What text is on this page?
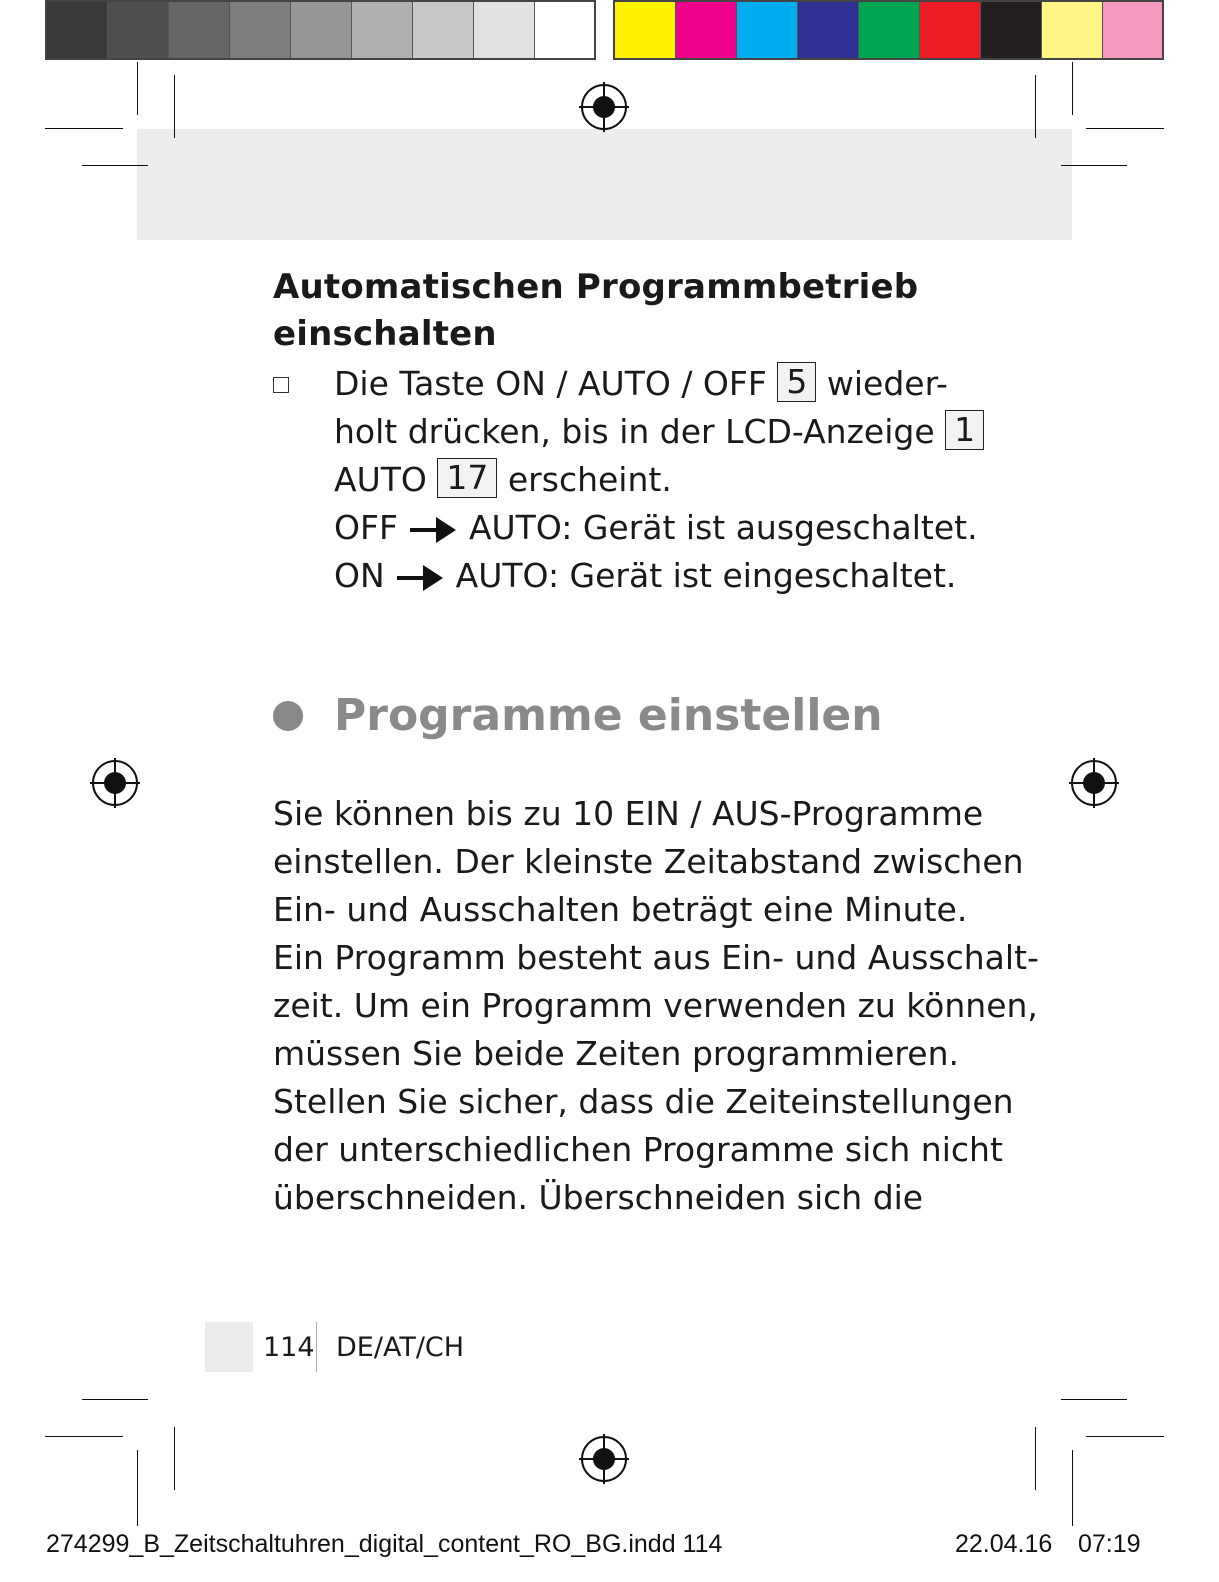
Automatischen Programmbetrieb
einschalten

Die Taste ON / AUTO / OFF 5 wieder-

holt drücken, bis in der LCD-Anzeige 1

AUTO 17 erscheint.

OFF AUTO: Gerät ist ausgeschaltet.

ON AUTO: Gerät ist eingeschaltet.

Programme einstellen

Sie können bis zu 10 EIN / AUS-Programme

einstellen. Der kleinste Zeitabstand zwischen

Ein- und Ausschalten beträgt eine Minute.

Ein Programm besteht aus Ein- und Ausschalt-

zeit. Um ein Programm verwenden zu können,

müssen Sie beide Zeiten programmieren.

Stellen Sie sicher, dass die Zeiteinstellungen

der unterschiedlichen Programme sich nicht

überschneiden. Überschneiden sich die

114 DE/AT/CH
274299_B_Zeitschaltuhren_digital_content_RO_BG.indd 114	22.04.16 07:19
